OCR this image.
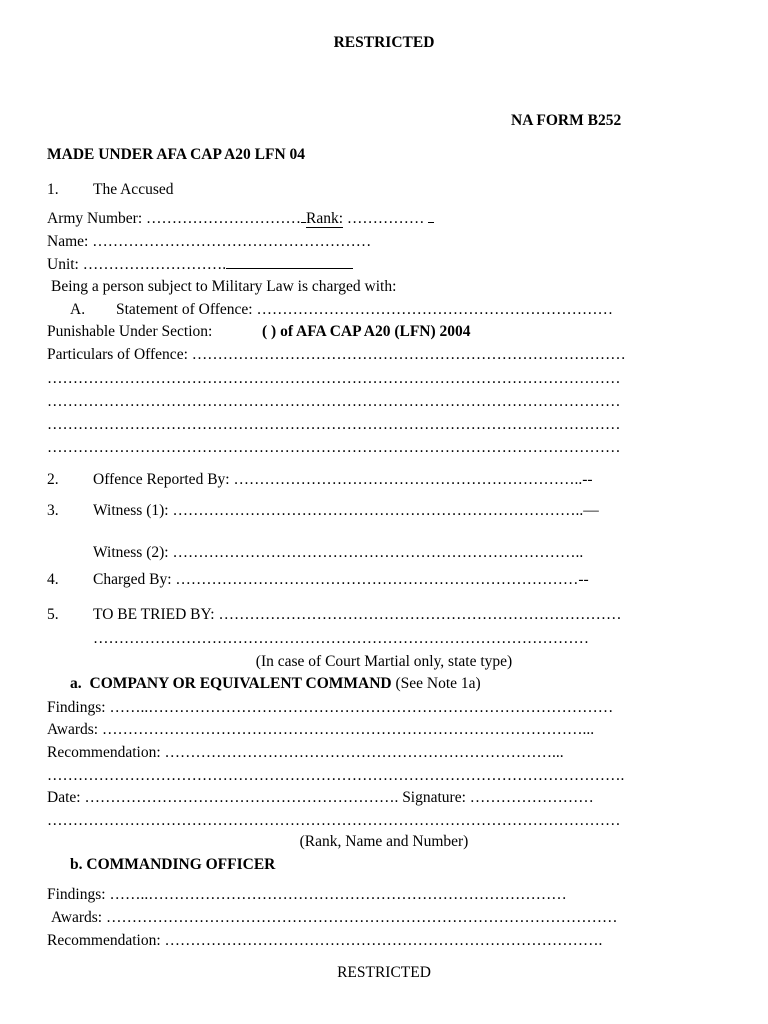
RESTRICTED
NA FORM B252
MADE UNDER AFA CAP A20 LFN 04
1. The Accused
Army Number: ………………………… Rank: ……………
Name: ………………………………………………
Unit: ……………………….
Being a person subject to Military Law is charged with:
A. Statement of Offence: ……………………………………………………………
Punishable Under Section:	( ) of AFA CAP A20 (LFN) 2004
Particulars of Offence: …………………………………………………………………………
…………………………………………………………………………………………………
…………………………………………………………………………………………………
…………………………………………………………………………………………………
…………………………………………………………………………………………………
2. Offence Reported By: …………………………………………………………..--
3. Witness (1): ……………………………………………………………………..—
Witness (2): ……………………………………………………………………..
4. Charged By: ……………………………………………………………………--
5. TO BE TRIED BY: ……………………………………………………………………
……………………………………………………………………………………
(In case of Court Martial only, state type)
a. COMPANY OR EQUIVALENT COMMAND (See Note 1a)
Findings: ……..………………………………………………………………………………
Awards: …………………………………………………………………………………...
Recommendation: …………………………………………………………………...
………………………………………………………………………………………………….
Date: ……………………………………………………. Signature: ……………………
…………………………………………………………………………………………………
(Rank, Name and Number)
b. COMMANDING OFFICER
Findings: ……..………………………………………………………………………
Awards: ………………………………………………………………………………………
Recommendation: ………………………………………………………………………….
RESTRICTED
